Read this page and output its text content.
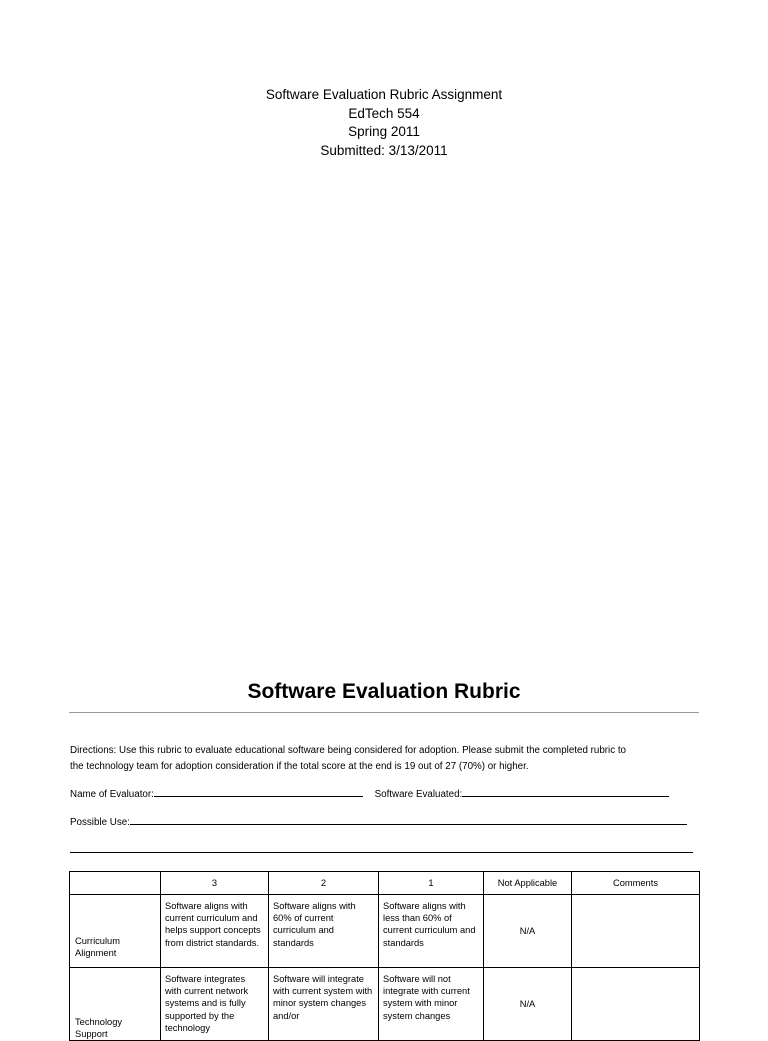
Software Evaluation Rubric Assignment
EdTech 554
Spring 2011
Submitted: 3/13/2011
Software Evaluation Rubric
Directions: Use this rubric to evaluate educational software being considered for adoption. Please submit the completed rubric to
the technology team for adoption consideration if the total score at the end is 19 out of 27 (70%) or higher.
Name of Evaluator:	Software Evaluated:
Possible Use:
	3	2	1	Not Applicable	Comments
Curriculum Alignment	Software aligns with current curriculum and helps support concepts from district standards.	Software aligns with 60% of current curriculum and standards	Software aligns with less than 60% of current curriculum and standards	N/A	
Technology Support	Software integrates with current network systems and is fully supported by the technology	Software will integrate with current system with minor system changes and/or	Software will not integrate with current system with minor system changes	N/A	
